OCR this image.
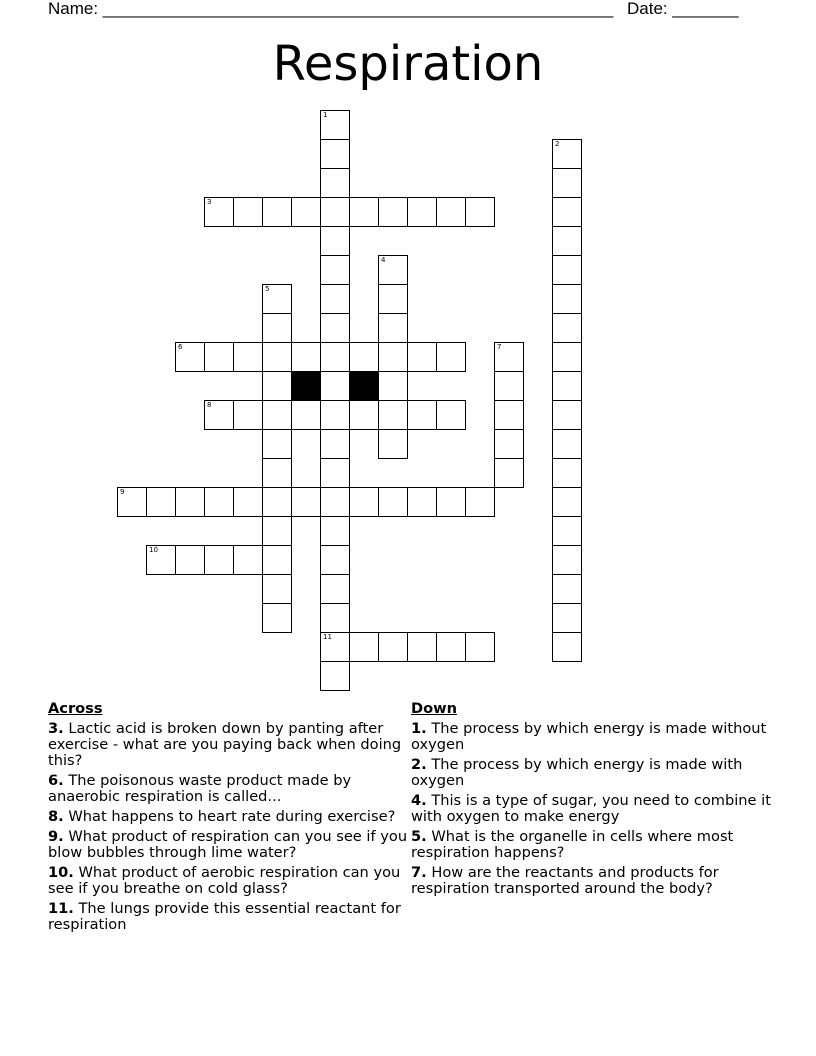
Name: ______________________________________________________ Date: _______
Respiration
1
11
2
3
4
5
6	7
8
9
10
Across
3. Lactic acid is broken down by panting after exercise - what are you paying back when doing this?
6. The poisonous waste product made by anaerobic respiration is called...
8. What happens to heart rate during exercise?
9. What product of respiration can you see if you blow bubbles through lime water?
10. What product of aerobic respiration can you see if you breathe on cold glass?
11. The lungs provide this essential reactant for respiration
Down
1. The process by which energy is made without oxygen
2. The process by which energy is made with oxygen
4. This is a type of sugar, you need to combine it with oxygen to make energy
5. What is the organelle in cells where most respiration happens?
7. How are the reactants and products for respiration transported around the body?
